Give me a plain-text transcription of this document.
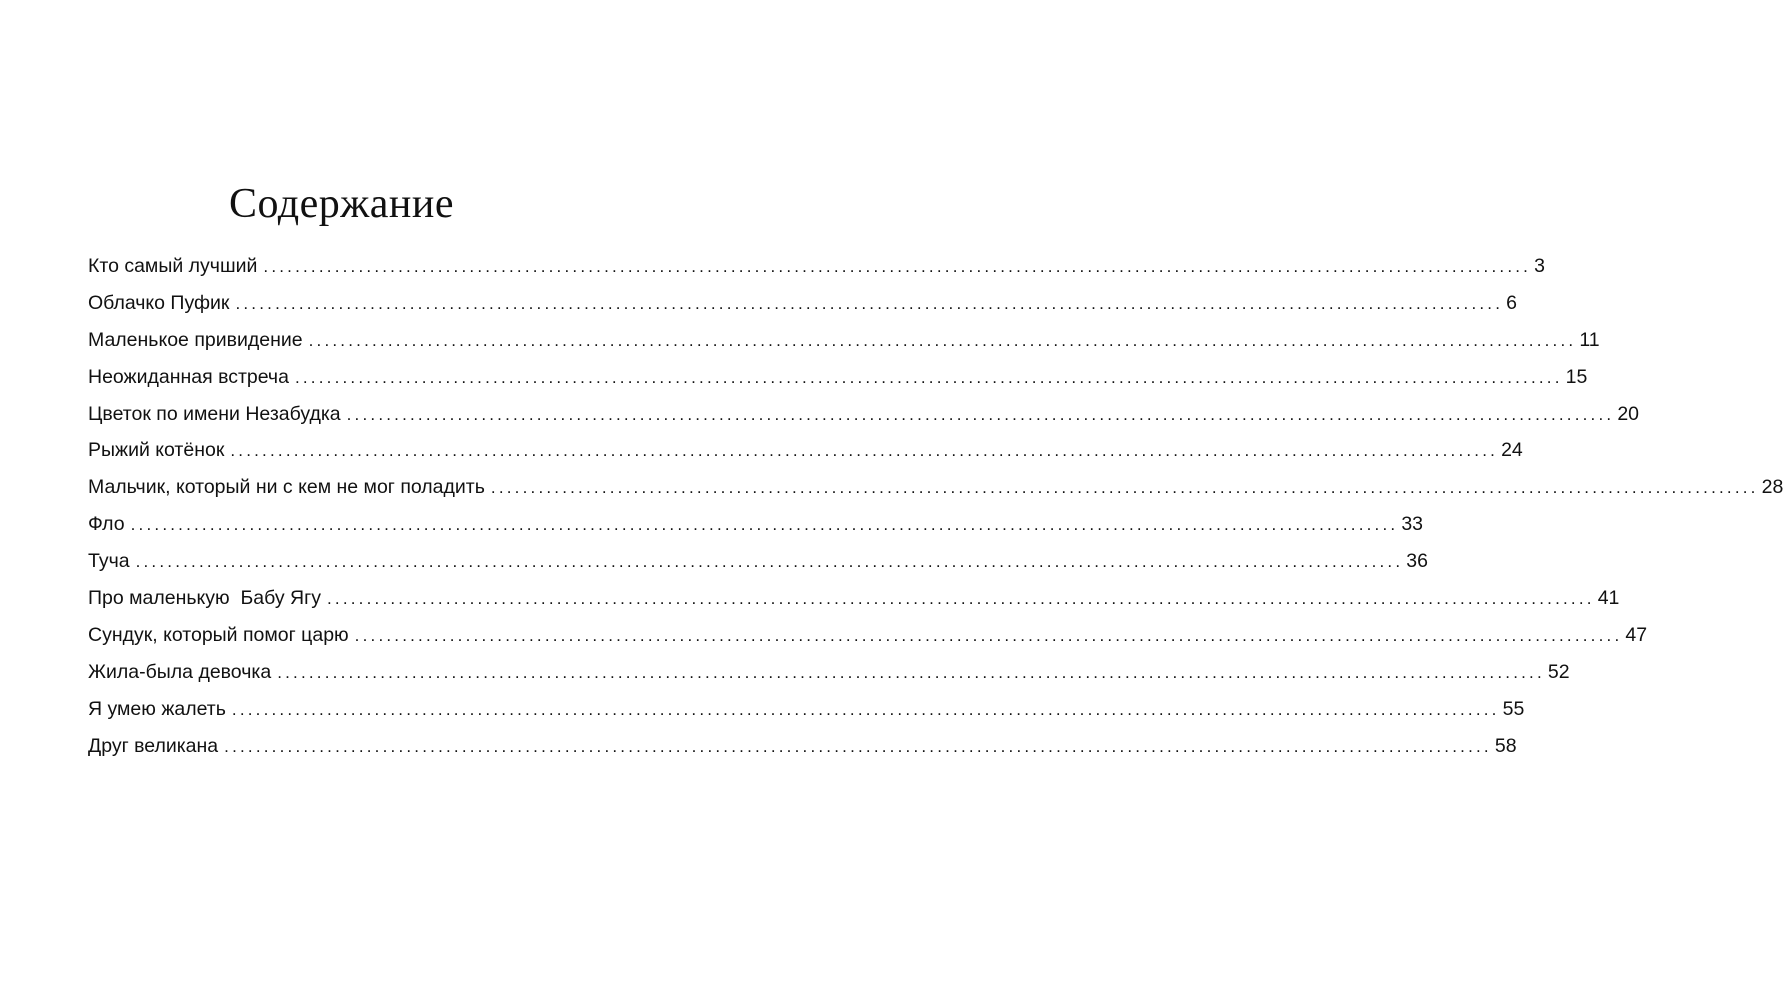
Содержание
Кто самый лучший ................................................................................................................................................................ 3
Облачко Пуфик ................................................................................................................................................................ 6
Маленькое привидение ................................................................................................................................................................ 11
Неожиданная встреча ................................................................................................................................................................ 15
Цветок по имени Незабудка ................................................................................................................................................................ 20
Рыжий котёнок ................................................................................................................................................................ 24
Мальчик, который ни с кем не мог поладить ................................................................................................................................................................ 28
Фло ................................................................................................................................................................ 33
Туча ................................................................................................................................................................ 36
Про маленькую  Бабу Ягу ................................................................................................................................................................ 41
Сундук, который помог царю ................................................................................................................................................................ 47
Жила-была девочка ................................................................................................................................................................ 52
Я умею жалеть ................................................................................................................................................................ 55
Друг великана ................................................................................................................................................................ 58
